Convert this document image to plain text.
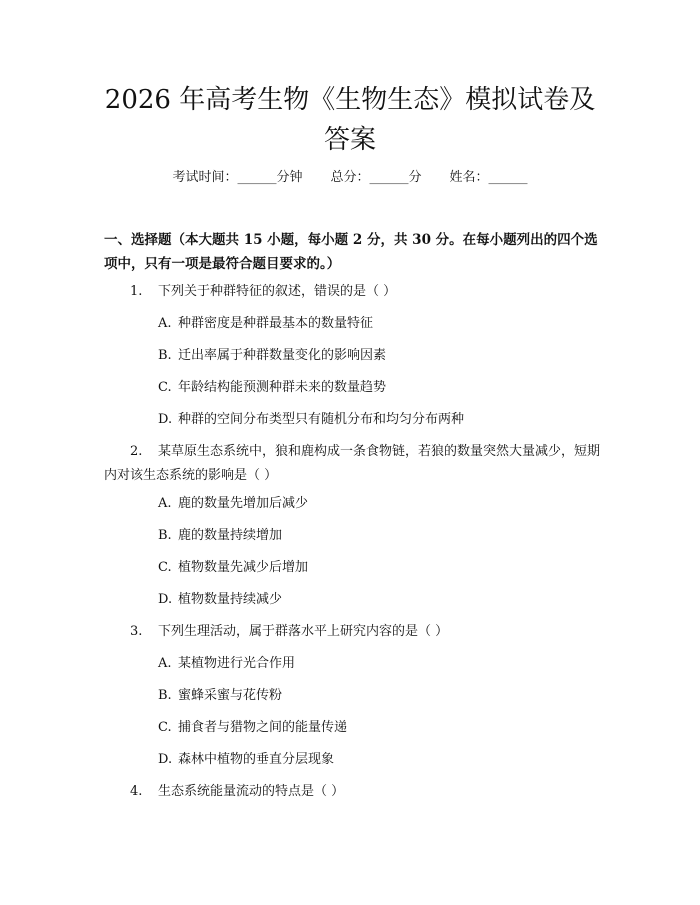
2026 年高考生物《生物生态》模拟试卷及答案
考试时间：______分钟 总分：______分 姓名：______

一、选择题（本大题共 15 小题，每小题 2 分，共 30 分。在每小题列出的四个选项中，只有一项是最符合题目要求的。）

1. 下列关于种群特征的叙述，错误的是（ ）
A. 种群密度是种群最基本的数量特征
B. 迁出率属于种群数量变化的影响因素
C. 年龄结构能预测种群未来的数量趋势
D. 种群的空间分布类型只有随机分布和均匀分布两种
2. 某草原生态系统中，狼和鹿构成一条食物链，若狼的数量突然大量减少，短期内对该生态系统的影响是（ ）
A. 鹿的数量先增加后减少
B. 鹿的数量持续增加
C. 植物数量先减少后增加
D. 植物数量持续减少
3. 下列生理活动，属于群落水平上研究内容的是（ ）
A. 某植物进行光合作用
B. 蜜蜂采蜜与花传粉
C. 捕食者与猎物之间的能量传递
D. 森林中植物的垂直分层现象
4. 生态系统能量流动的特点是（ ）
